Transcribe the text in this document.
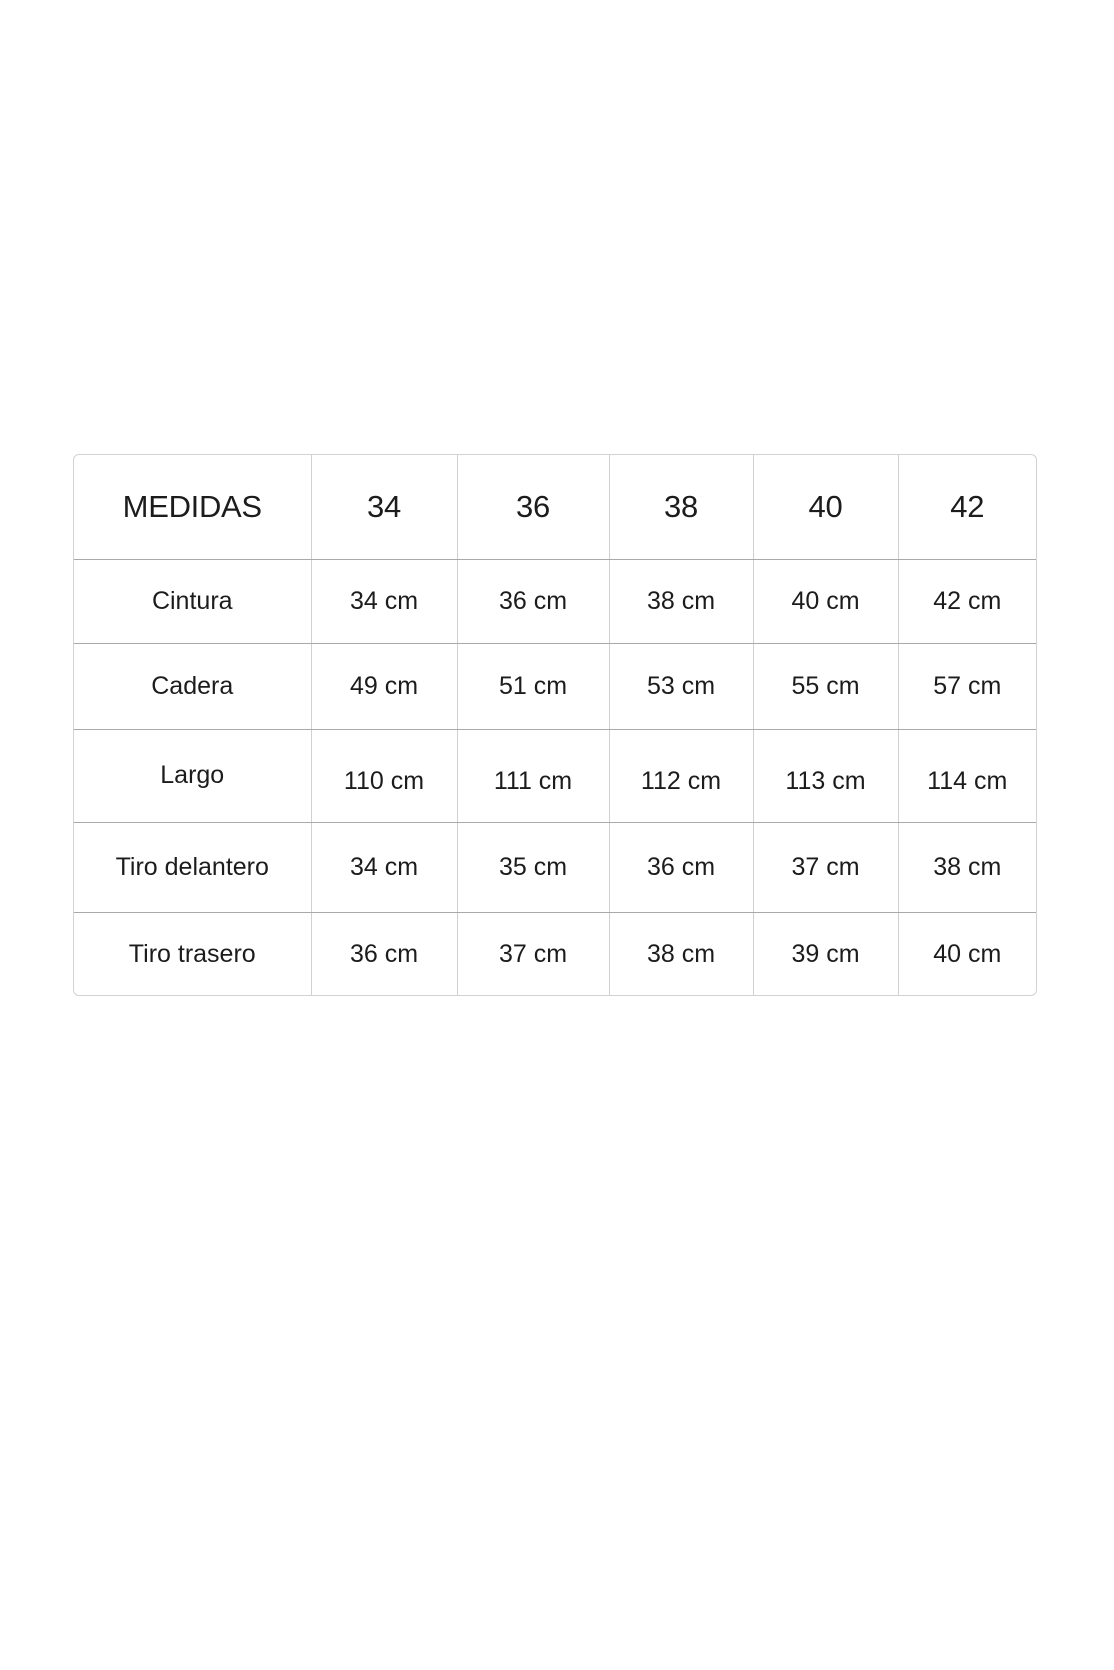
MEDIDAS	34	36	38	40	42
Cintura	34 cm	36 cm	38 cm	40 cm	42 cm
Cadera	49 cm	51 cm	53 cm	55 cm	57 cm
Largo	110 cm	111 cm	112 cm	113 cm	114 cm
Tiro delantero	34 cm	35 cm	36 cm	37 cm	38 cm
Tiro trasero	36 cm	37 cm	38 cm	39 cm	40 cm
